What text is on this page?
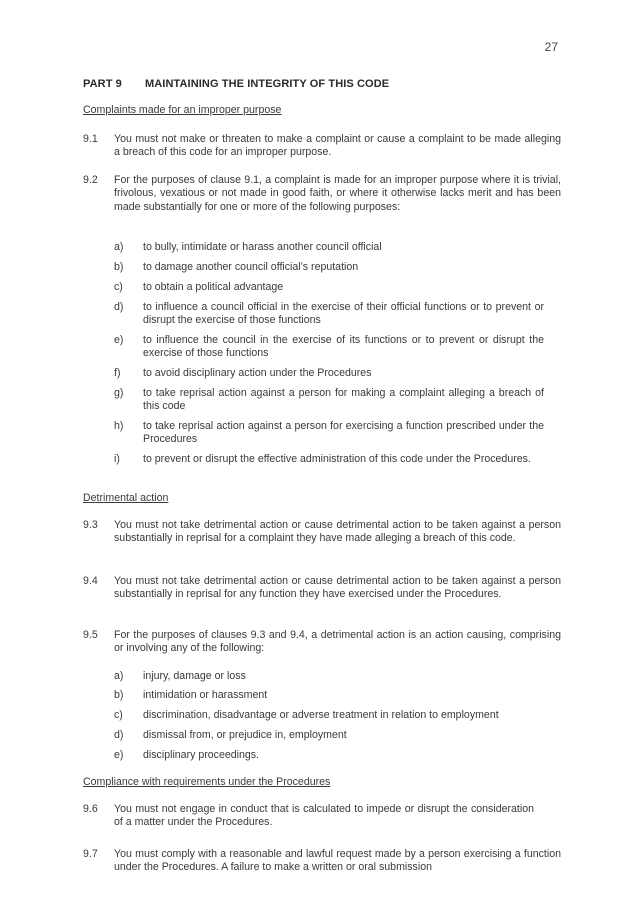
27
PART 9 MAINTAINING THE INTEGRITY OF THIS CODE
Complaints made for an improper purpose
9.1 You must not make or threaten to make a complaint or cause a complaint to be made alleging a breach of this code for an improper purpose.
9.2 For the purposes of clause 9.1, a complaint is made for an improper purpose where it is trivial, frivolous, vexatious or not made in good faith, or where it otherwise lacks merit and has been made substantially for one or more of the following purposes:
a) to bully, intimidate or harass another council official
b) to damage another council official’s reputation
c) to obtain a political advantage
d) to influence a council official in the exercise of their official functions or to prevent or disrupt the exercise of those functions
e) to influence the council in the exercise of its functions or to prevent or disrupt the exercise of those functions
f) to avoid disciplinary action under the Procedures
g) to take reprisal action against a person for making a complaint alleging a breach of this code
h) to take reprisal action against a person for exercising a function prescribed under the Procedures
i) to prevent or disrupt the effective administration of this code under the Procedures.
Detrimental action
9.3 You must not take detrimental action or cause detrimental action to be taken against a person substantially in reprisal for a complaint they have made alleging a breach of this code.
9.4 You must not take detrimental action or cause detrimental action to be taken against a person substantially in reprisal for any function they have exercised under the Procedures.
9.5 For the purposes of clauses 9.3 and 9.4, a detrimental action is an action causing, comprising or involving any of the following:
a) injury, damage or loss
b) intimidation or harassment
c) discrimination, disadvantage or adverse treatment in relation to employment
d) dismissal from, or prejudice in, employment
e) disciplinary proceedings.
Compliance with requirements under the Procedures
9.6 You must not engage in conduct that is calculated to impede or disrupt the consideration of a matter under the Procedures.
9.7 You must comply with a reasonable and lawful request made by a person exercising a function under the Procedures. A failure to make a written or oral submission
